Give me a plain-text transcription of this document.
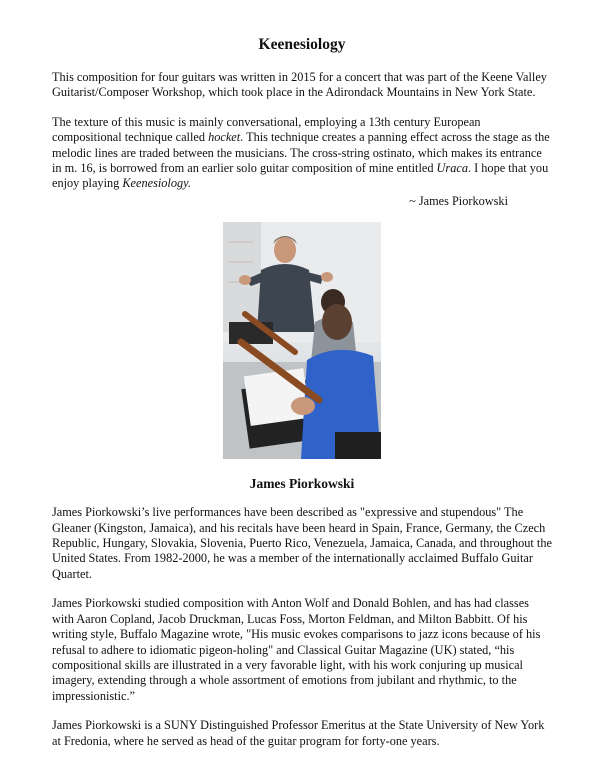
Keenesiology

This composition for four guitars was written in 2015 for a concert that was part of the Keene Valley Guitarist/Composer Workshop, which took place in the Adirondack Mountains in New York State.

The texture of this music is mainly conversational, employing a 13th century European compositional technique called hocket. This technique creates a panning effect across the stage as the melodic lines are traded between the musicians. The cross-string ostinato, which makes its entrance in m. 16, is borrowed from an earlier solo guitar composition of mine entitled Uraca. I hope that you enjoy playing Keenesiology.

~ James Piorkowski
James Piorkowski

James Piorkowski’s live performances have been described as "expressive and stupendous" The Gleaner (Kingston, Jamaica), and his recitals have been heard in Spain, France, Germany, the Czech Republic, Hungary, Slovakia, Slovenia, Puerto Rico, Venezuela, Jamaica, Canada, and throughout the United States. From 1982-2000, he was a member of the internationally acclaimed Buffalo Guitar Quartet.

James Piorkowski studied composition with Anton Wolf and Donald Bohlen, and has had classes with Aaron Copland, Jacob Druckman, Lucas Foss, Morton Feldman, and Milton Babbitt. Of his writing style, Buffalo Magazine wrote, "His music evokes comparisons to jazz icons because of his refusal to adhere to idiomatic pigeon-holing" and Classical Guitar Magazine (UK) stated, “his compositional skills are illustrated in a very favorable light, with his work conjuring up musical imagery, extending through a whole assortment of emotions from jubilant and rhythmic, to the impressionistic.”

James Piorkowski is a SUNY Distinguished Professor Emeritus at the State University of New York at Fredonia, where he served as head of the guitar program for forty-one years.
